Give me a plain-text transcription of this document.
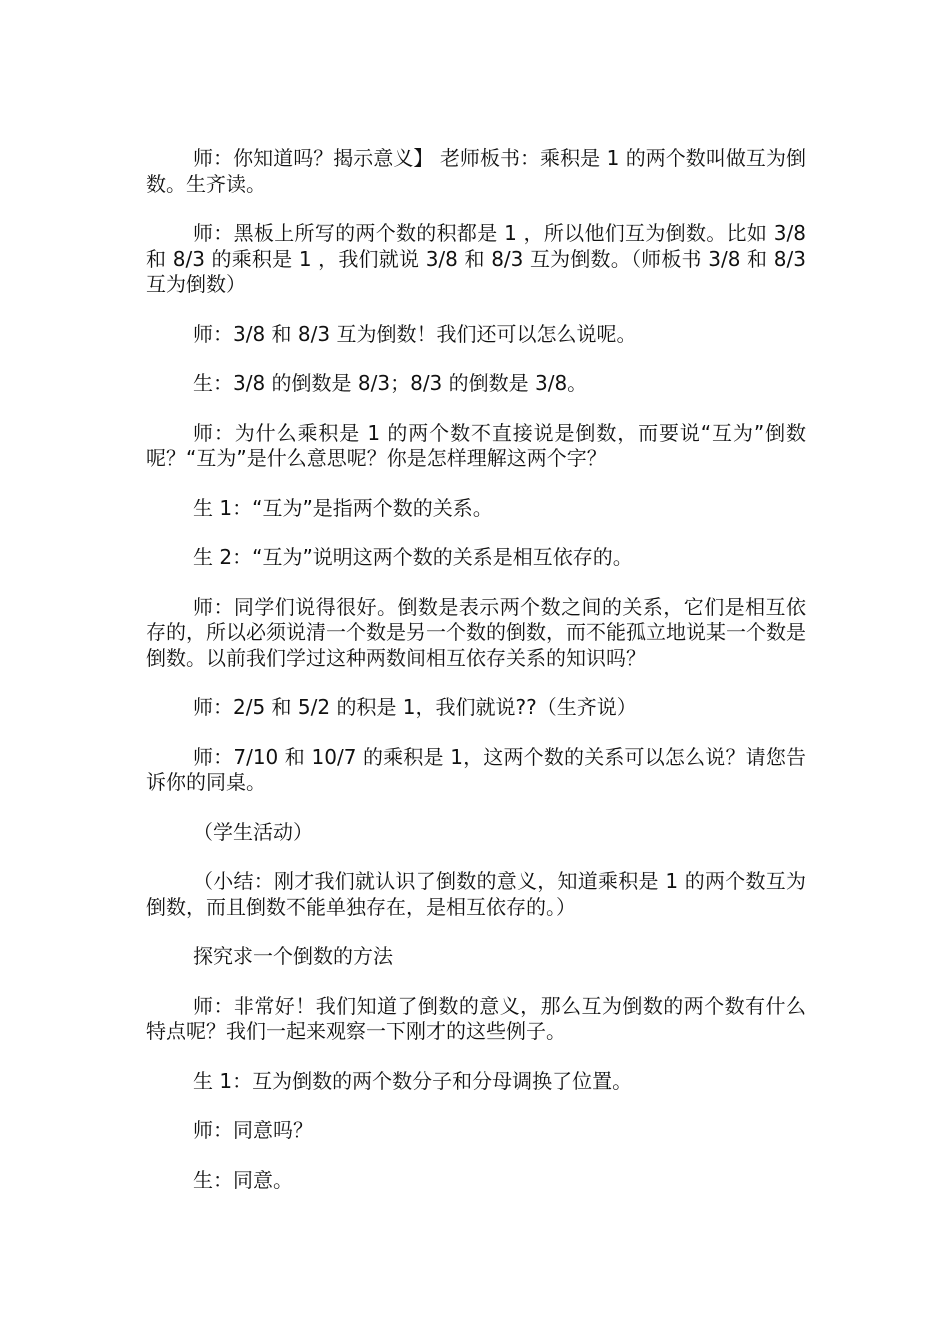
师：你知道吗？揭示意义】 老师板书：乘积是 1 的两个数叫做互为倒数。生齐读。

师：黑板上所写的两个数的积都是 1 ，所以他们互为倒数。比如 3/8 和 8/3 的乘积是 1 ，我们就说 3/8 和 8/3 互为倒数。（师板书 3/8 和 8/3 互为倒数）

师：3/8 和 8/3 互为倒数！我们还可以怎么说呢。

生：3/8 的倒数是 8/3；8/3 的倒数是 3/8。

师：为什么乘积是 1 的两个数不直接说是倒数，而要说“互为”倒数呢？“互为”是什么意思呢？你是怎样理解这两个字？

生 1：“互为”是指两个数的关系。

生 2：“互为”说明这两个数的关系是相互依存的。

师：同学们说得很好。倒数是表示两个数之间的关系，它们是相互依存的，所以必须说清一个数是另一个数的倒数，而不能孤立地说某一个数是倒数。以前我们学过这种两数间相互依存关系的知识吗？

师：2/5 和 5/2 的积是 1，我们就说??（生齐说）

师：7/10 和 10/7 的乘积是 1，这两个数的关系可以怎么说？请您告诉你的同桌。

（学生活动）

（小结：刚才我们就认识了倒数的意义，知道乘积是 1 的两个数互为倒数，而且倒数不能单独存在，是相互依存的。）

探究求一个倒数的方法

师：非常好！我们知道了倒数的意义，那么互为倒数的两个数有什么特点呢？我们一起来观察一下刚才的这些例子。

生 1：互为倒数的两个数分子和分母调换了位置。

师：同意吗？

生：同意。
